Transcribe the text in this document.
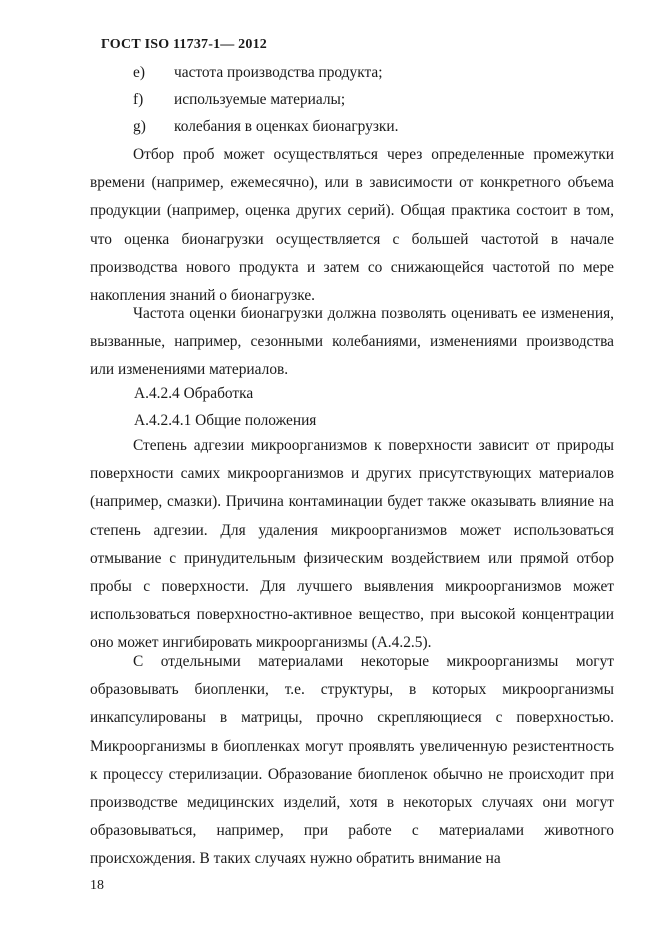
ГОСТ ISO 11737-1— 2012
e) частота производства продукта;
f) используемые материалы;
g) колебания в оценках бионагрузки.

Отбор проб может осуществляться через определенные промежутки времени (например, ежемесячно), или в зависимости от конкретного объема продукции (например, оценка других серий). Общая практика состоит в том, что оценка бионагрузки осуществляется с большей частотой в начале производства нового продукта и затем со снижающейся частотой по мере накопления знаний о бионагрузке.

Частота оценки бионагрузки должна позволять оценивать ее изменения, вызванные, например, сезонными колебаниями, изменениями производства или изменениями материалов.

А.4.2.4 Обработка
А.4.2.4.1 Общие положения

Степень адгезии микроорганизмов к поверхности зависит от природы поверхности самих микроорганизмов и других присутствующих материалов (например, смазки). Причина контаминации будет также оказывать влияние на степень адгезии. Для удаления микроорганизмов может использоваться отмывание с принудительным физическим воздействием или прямой отбор пробы с поверхности. Для лучшего выявления микроорганизмов может использоваться поверхностно-активное вещество, при высокой концентрации оно может ингибировать микроорганизмы (А.4.2.5).

С отдельными материалами некоторые микроорганизмы могут образовывать биопленки, т.е. структуры, в которых микроорганизмы инкапсулированы в матрицы, прочно скрепляющиеся с поверхностью. Микроорганизмы в биопленках могут проявлять увеличенную резистентность к процессу стерилизации. Образование биопленок обычно не происходит при производстве медицинских изделий, хотя в некоторых случаях они могут образовываться, например, при работе с материалами животного происхождения. В таких случаях нужно обратить внимание на

18
